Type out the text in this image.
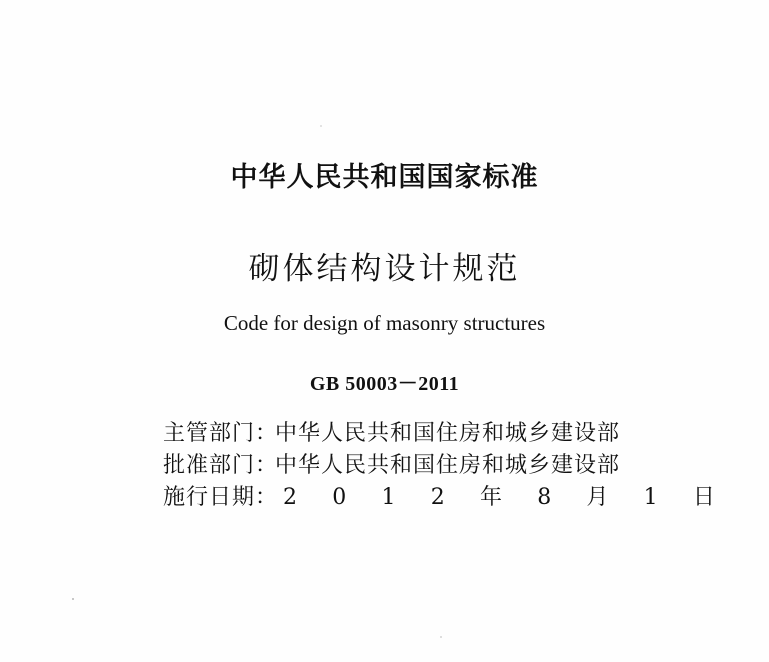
中华人民共和国国家标准
砌体结构设计规范
Code for design of masonry structures
GB 50003－2011
主管部门：
中华人民共和国住房和城乡建设部
批准部门：
中华人民共和国住房和城乡建设部
施行日期： 2 0 1 2 年 8 月 1 日
